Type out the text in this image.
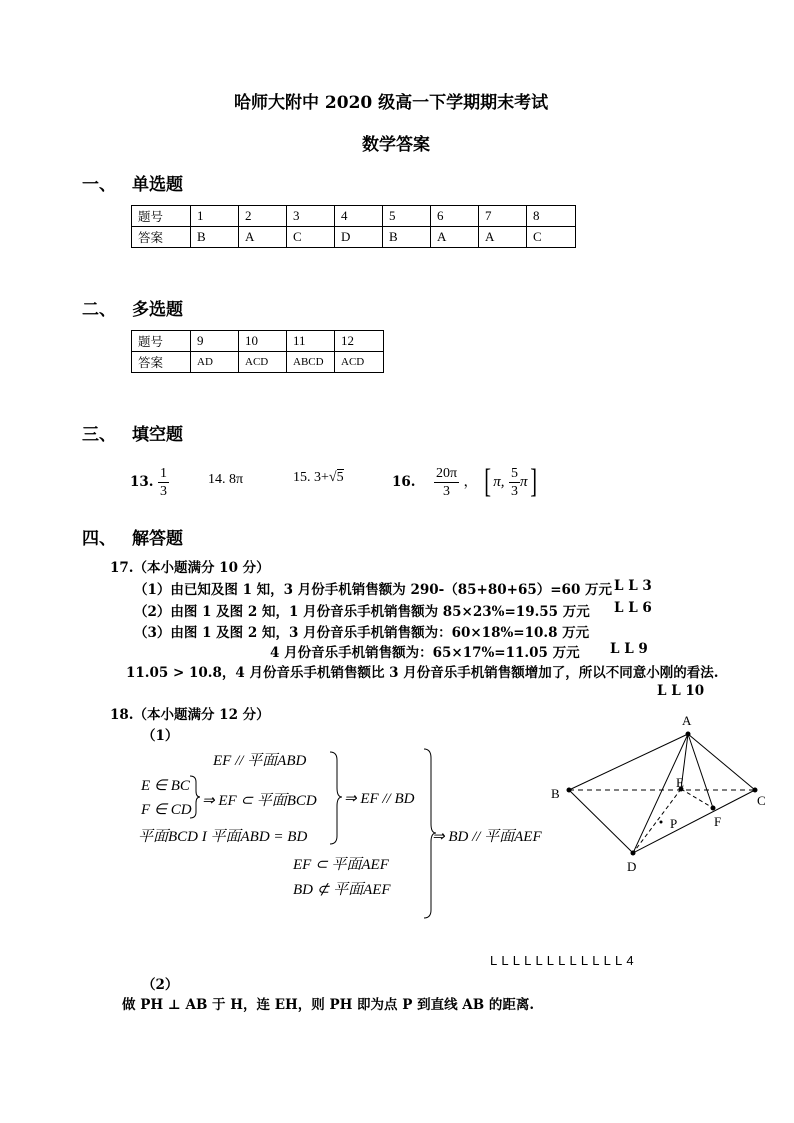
哈师大附中 2020 级高一下学期期末考试
数学答案
一、 单选题
题号	1	2	3	4	5	6	7	8
答案	B	A	C	D	B	A	A	C
二、 多选题
题号	9	10	11	12
答案	AD	ACD	ABCD	ACD
三、 填空题
13. $\frac{1}{3}$	14. 8π	15. 3+√5	16. $\frac{20\pi}{3}$ ， [ π, $\frac{5}{3} \pi$]
四、 解答题
17.（本小题满分 10 分）
（1）由已知及图 1 知，3 月份手机销售额为 290-（85+80+65）=60 万元 L L 3
（2）由图 1 及图 2 知，1 月份音乐手机销售额为 85×23%=19.55 万元 L L 6
（3）由图 1 及图 2 知，3 月份音乐手机销售额为：60×18%=10.8 万元
4 月份音乐手机销售额为：65×17%=11.05 万元 L L 9
11.05 > 10.8，4 月份音乐手机销售额比 3 月份音乐手机销售额增加了，所以不同意小刚的看法.
L L 10
18.（本小题满分 12 分）
（1）
EF // 平面ABD
E ∈ BC
F ∈ CD
⇒ EF ⊂ 平面BCD
平面BCD I 平面ABD = BD
⇒ EF // BD
EF ⊂ 平面AEF
BD ⊄ 平面AEF
⇒ BD // 平面AEF
L L L L L L L L L L L L 4
（2）
做 PH ⊥ AB 于 H，连 EH，则 PH 即为点 P 到直线 AB 的距离.
A
B	C
D
E
F
P
